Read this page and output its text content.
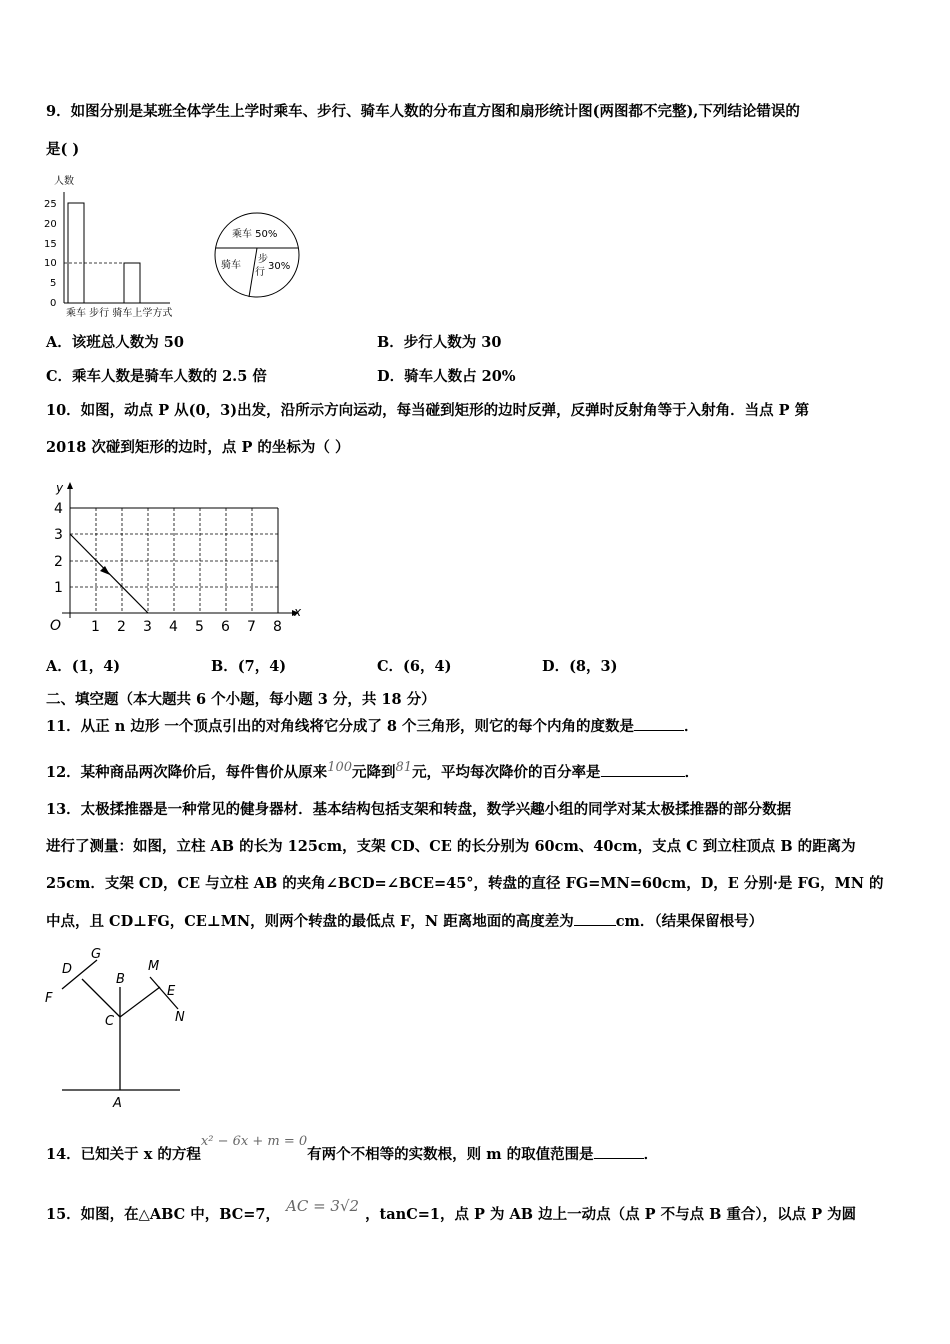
9．如图分别是某班全体学生上学时乘车、步行、骑车人数的分布直方图和扇形统计图(两图都不完整),下列结论错误的
是( )
人数
25
20
15
10
5
0
乘车 步行 骑车上学方式
乘车 50%
骑车
步
行
30%
A．该班总人数为 50	B．步行人数为 30
C．乘车人数是骑车人数的 2.5 倍	D．骑车人数占 20%
10．如图，动点 P 从(0，3)出发，沿所示方向运动，每当碰到矩形的边时反弹，反弹时反射角等于入射角．当点 P 第
2018 次碰到矩形的边时，点 P 的坐标为（ ）
y
x
O
4
3
2
1
1 2 3 4 5 6 7 8
A．(1，4)	B．(7，4)	C．(6，4)	D．(8，3)
二、填空题（本大题共 6 个小题，每小题 3 分，共 18 分）
11．从正 n 边形 一个顶点引出的对角线将它分成了 8 个三角形，则它的每个内角的度数是	．
12．某种商品两次降价后，每件售价从原来100元降到81元，平均每次降价的百分率是	．
13．太极揉推器是一种常见的健身器材．基本结构包括支架和转盘，数学兴趣小组的同学对某太极揉推器的部分数据
进行了测量：如图，立柱 AB 的长为 125cm，支架 CD、CE 的长分别为 60cm、40cm，支点 C 到立柱顶点 B 的距离为
25cm．支架 CD，CE 与立柱 AB 的夹角∠BCD=∠BCE=45°，转盘的直径 FG=MN=60cm，D，E 分别·是 FG，MN 的
中点，且 CD⊥FG，CE⊥MN，则两个转盘的最低点 F，N 距离地面的高度差为	cm．（结果保留根号）
G
D
F
B
C
M
E
N
A
14．已知关于 x 的方程x² − 6x + m = 0有两个不相等的实数根，则 m 的取值范围是	．
15．如图，在△ABC 中，BC=7， AC = 3√2 ，tanC=1，点 P 为 AB 边上一动点（点 P 不与点 B 重合），以点 P 为圆
